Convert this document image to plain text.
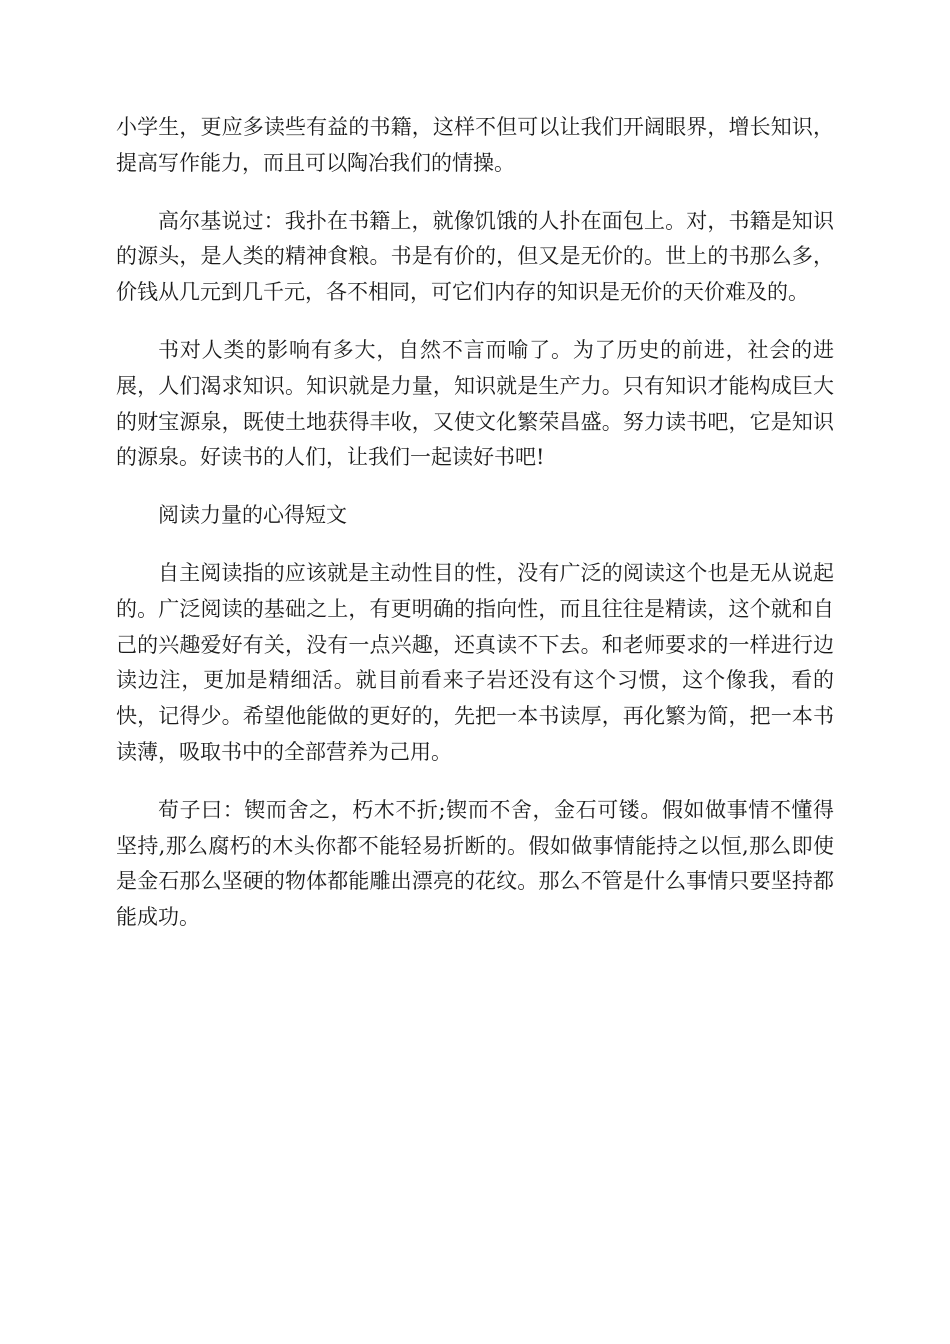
小学生，更应多读些有益的书籍，这样不但可以让我们开阔眼界，增长知识，提高写作能力，而且可以陶冶我们的情操。

高尔基说过：我扑在书籍上，就像饥饿的人扑在面包上。对，书籍是知识的源头，是人类的精神食粮。书是有价的，但又是无价的。世上的书那么多，价钱从几元到几千元，各不相同，可它们内存的知识是无价的天价难及的。

书对人类的影响有多大，自然不言而喻了。为了历史的前进，社会的进展，人们渴求知识。知识就是力量，知识就是生产力。只有知识才能构成巨大的财宝源泉，既使土地获得丰收，又使文化繁荣昌盛。努力读书吧，它是知识的源泉。好读书的人们，让我们一起读好书吧!

阅读力量的心得短文

自主阅读指的应该就是主动性目的性，没有广泛的阅读这个也是无从说起的。广泛阅读的基础之上，有更明确的指向性，而且往往是精读，这个就和自己的兴趣爱好有关，没有一点兴趣，还真读不下去。和老师要求的一样进行边读边注，更加是精细活。就目前看来子岩还没有这个习惯，这个像我，看的快，记得少。希望他能做的更好的，先把一本书读厚，再化繁为简，把一本书读薄，吸取书中的全部营养为己用。

荀子曰：锲而舍之，朽木不折;锲而不舍，金石可镂。假如做事情不懂得坚持,那么腐朽的木头你都不能轻易折断的。假如做事情能持之以恒,那么即使是金石那么坚硬的物体都能雕出漂亮的花纹。那么不管是什么事情只要坚持都能成功。
